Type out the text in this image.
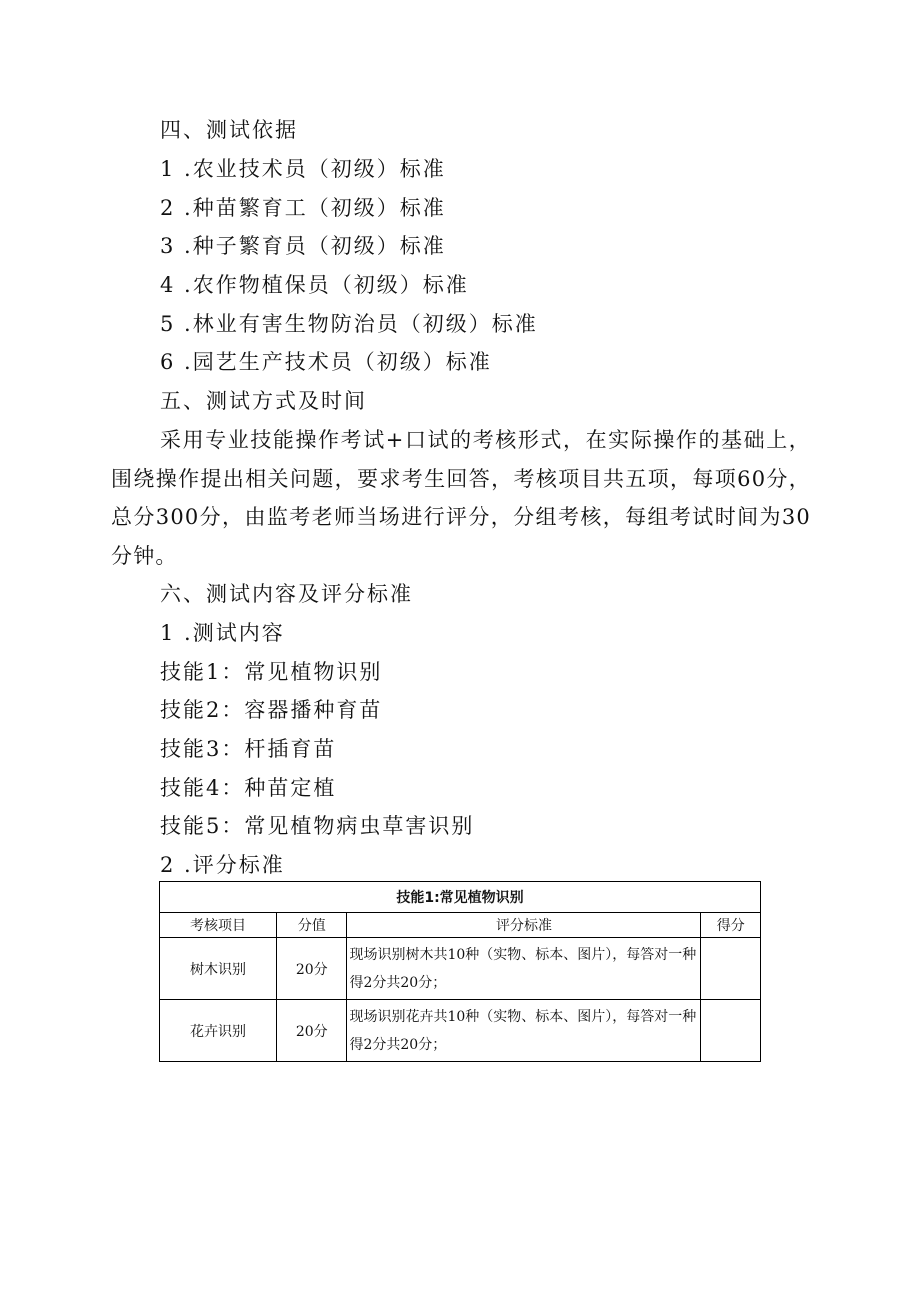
四、测试依据
1 .农业技术员（初级）标准
2 .种苗繁育工（初级）标准
3 .种子繁育员（初级）标准
4 .农作物植保员（初级）标准
5 .林业有害生物防治员（初级）标准
6 .园艺生产技术员（初级）标准
五、测试方式及时间
采用专业技能操作考试+口试的考核形式，在实际操作的基础上，围绕操作提出相关问题，要求考生回答，考核项目共五项，每项60分，总分300分，由监考老师当场进行评分，分组考核，每组考试时间为30分钟。
六、测试内容及评分标准
1 .测试内容
技能1：常见植物识别
技能2：容器播种育苗
技能3：杆插育苗
技能4：种苗定植
技能5：常见植物病虫草害识别
2 .评分标准
技能1:常见植物识别			
考核项目	分值	评分标准	得分
树木识别	20分	现场识别树木共10种（实物、标本、图片），每答对一种得2分共20分；	
花卉识别	20分	现场识别花卉共10种（实物、标本、图片），每答对一种得2分共20分；	
